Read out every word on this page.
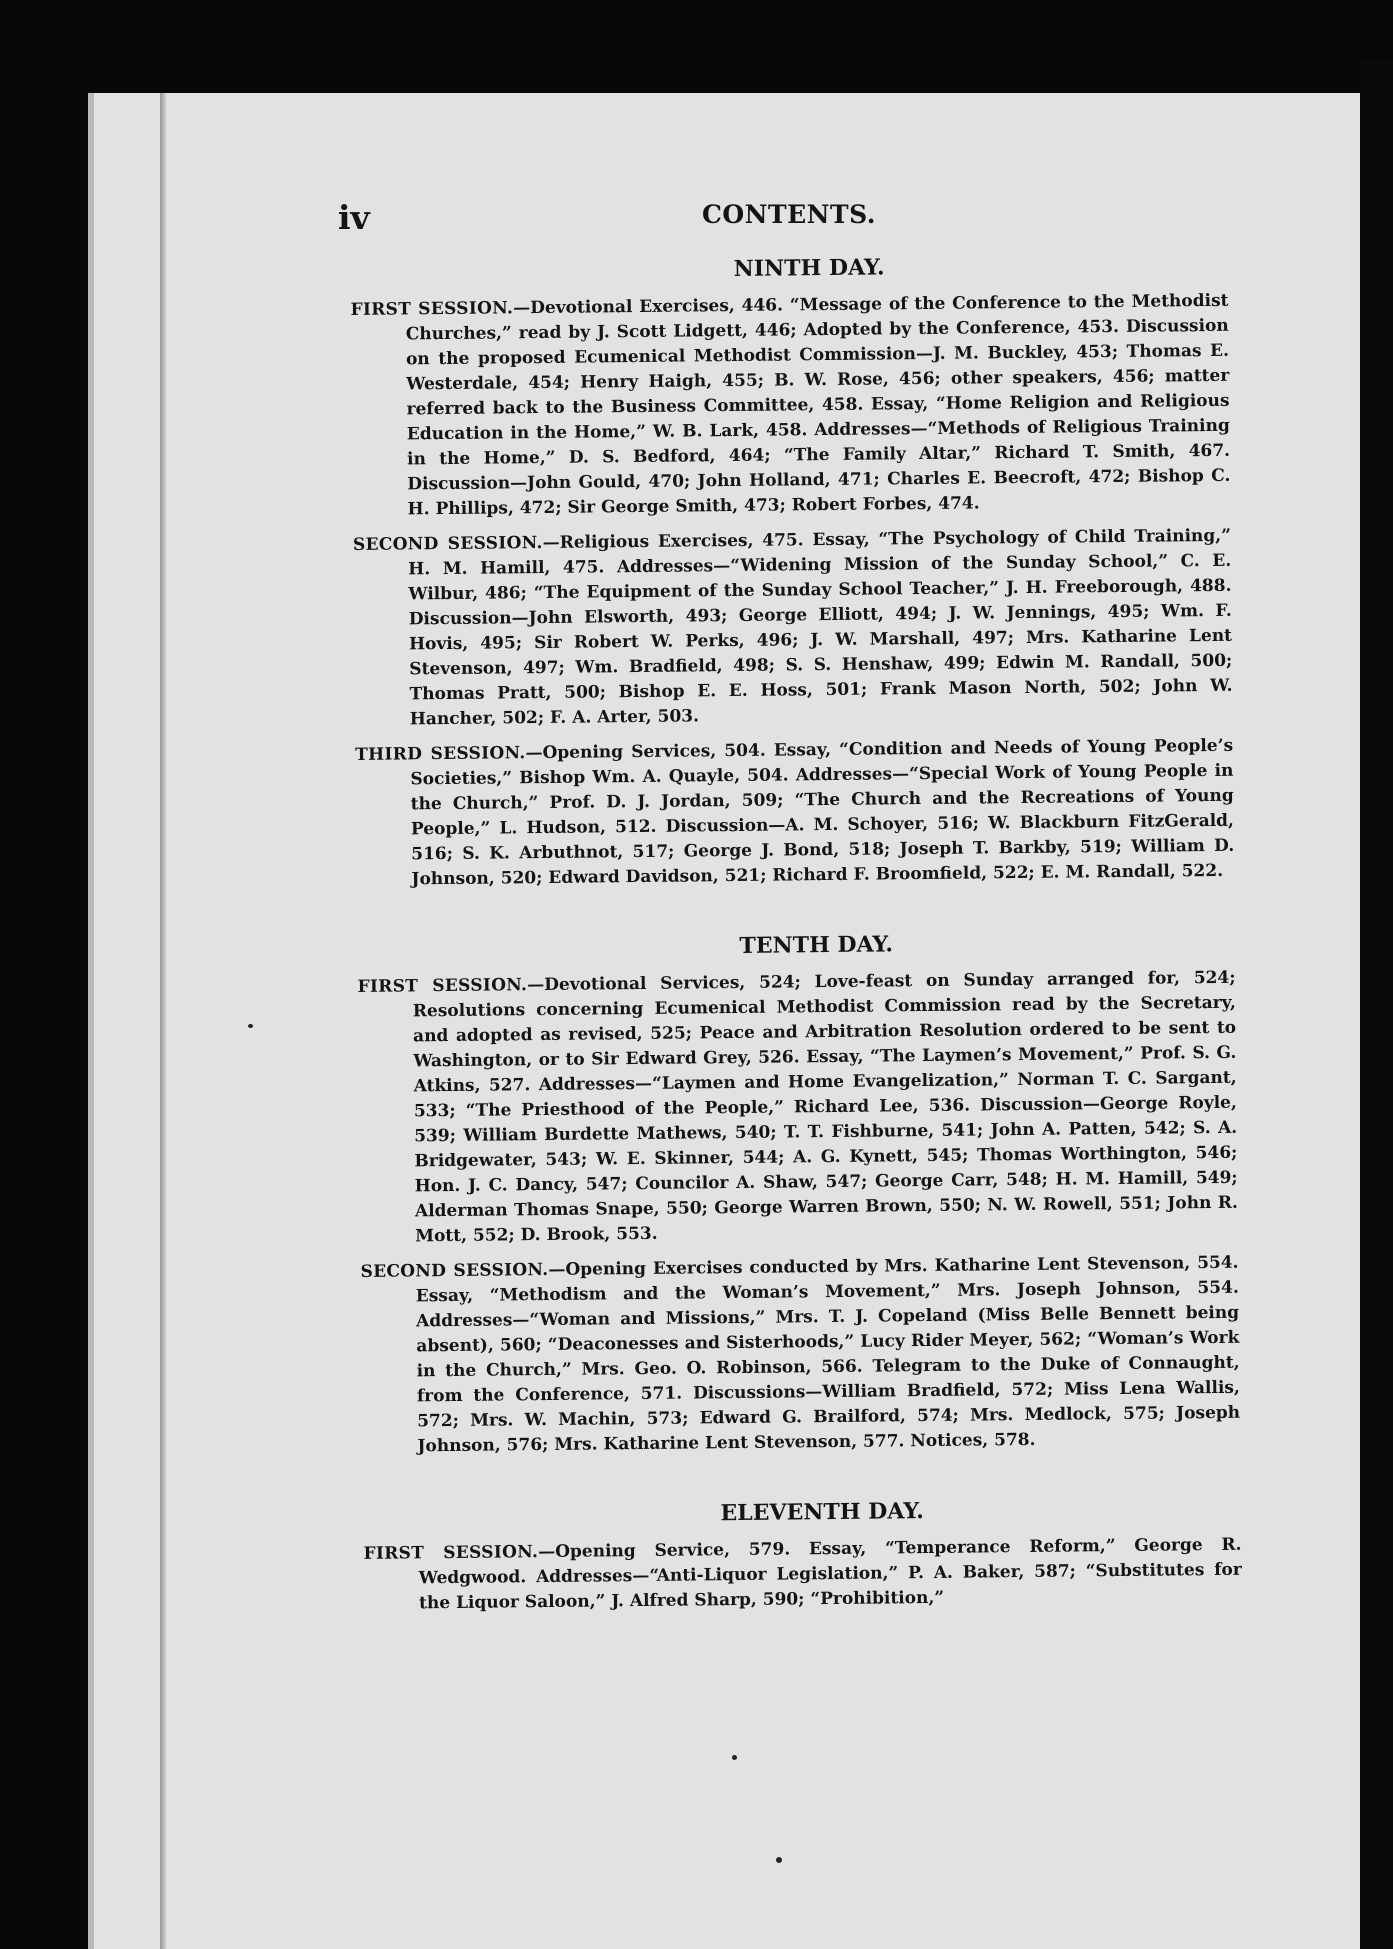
iv	CONTENTS.
NINTH DAY.

FIRST SESSION.—Devotional Exercises, 446. “Message of the Conference to the Methodist Churches,” read by J. Scott Lidgett, 446; Adopted by the Conference, 453. Discussion on the proposed Ecumenical Methodist Commission—J. M. Buckley, 453; Thomas E. Westerdale, 454; Henry Haigh, 455; B. W. Rose, 456; other speakers, 456; matter referred back to the Business Committee, 458. Essay, “Home Religion and Religious Education in the Home,” W. B. Lark, 458. Addresses—“Methods of Religious Training in the Home,” D. S. Bedford, 464; “The Family Altar,” Richard T. Smith, 467. Discussion—John Gould, 470; John Holland, 471; Charles E. Beecroft, 472; Bishop C. H. Phillips, 472; Sir George Smith, 473; Robert Forbes, 474.

SECOND SESSION.—Religious Exercises, 475. Essay, “The Psychology of Child Training,” H. M. Hamill, 475. Addresses—“Widening Mission of the Sunday School,” C. E. Wilbur, 486; “The Equipment of the Sunday School Teacher,” J. H. Freeborough, 488. Discussion—John Elsworth, 493; George Elliott, 494; J. W. Jennings, 495; Wm. F. Hovis, 495; Sir Robert W. Perks, 496; J. W. Marshall, 497; Mrs. Katharine Lent Stevenson, 497; Wm. Bradfield, 498; S. S. Henshaw, 499; Edwin M. Randall, 500; Thomas Pratt, 500; Bishop E. E. Hoss, 501; Frank Mason North, 502; John W. Hancher, 502; F. A. Arter, 503.

THIRD SESSION.—Opening Services, 504. Essay, “Condition and Needs of Young People’s Societies,” Bishop Wm. A. Quayle, 504. Addresses—“Special Work of Young People in the Church,” Prof. D. J. Jordan, 509; “The Church and the Recreations of Young People,” L. Hudson, 512. Discussion—A. M. Schoyer, 516; W. Blackburn FitzGerald, 516; S. K. Arbuthnot, 517; George J. Bond, 518; Joseph T. Barkby, 519; William D. Johnson, 520; Edward Davidson, 521; Richard F. Broomfield, 522; E. M. Randall, 522.

TENTH DAY.

FIRST SESSION.—Devotional Services, 524; Love-feast on Sunday arranged for, 524; Resolutions concerning Ecumenical Methodist Commission read by the Secretary, and adopted as revised, 525; Peace and Arbitration Resolution ordered to be sent to Washington, or to Sir Edward Grey, 526. Essay, “The Laymen’s Movement,” Prof. S. G. Atkins, 527. Addresses—“Laymen and Home Evangelization,” Norman T. C. Sargant, 533; “The Priesthood of the People,” Richard Lee, 536. Discussion—George Royle, 539; William Burdette Mathews, 540; T. T. Fishburne, 541; John A. Patten, 542; S. A. Bridgewater, 543; W. E. Skinner, 544; A. G. Kynett, 545; Thomas Worthington, 546; Hon. J. C. Dancy, 547; Councilor A. Shaw, 547; George Carr, 548; H. M. Hamill, 549; Alderman Thomas Snape, 550; George Warren Brown, 550; N. W. Rowell, 551; John R. Mott, 552; D. Brook, 553.

SECOND SESSION.—Opening Exercises conducted by Mrs. Katharine Lent Stevenson, 554. Essay, “Methodism and the Woman’s Movement,” Mrs. Joseph Johnson, 554. Addresses—“Woman and Missions,” Mrs. T. J. Copeland (Miss Belle Bennett being absent), 560; “Deaconesses and Sisterhoods,” Lucy Rider Meyer, 562; “Woman’s Work in the Church,” Mrs. Geo. O. Robinson, 566. Telegram to the Duke of Connaught, from the Conference, 571. Discussions—William Bradfield, 572; Miss Lena Wallis, 572; Mrs. W. Machin, 573; Edward G. Brailford, 574; Mrs. Medlock, 575; Joseph Johnson, 576; Mrs. Katharine Lent Stevenson, 577. Notices, 578.

ELEVENTH DAY.

FIRST SESSION.—Opening Service, 579. Essay, “Temperance Reform,” George R. Wedgwood. Addresses—“Anti-Liquor Legislation,” P. A. Baker, 587; “Substitutes for the Liquor Saloon,” J. Alfred Sharp, 590; “Prohibition,”
